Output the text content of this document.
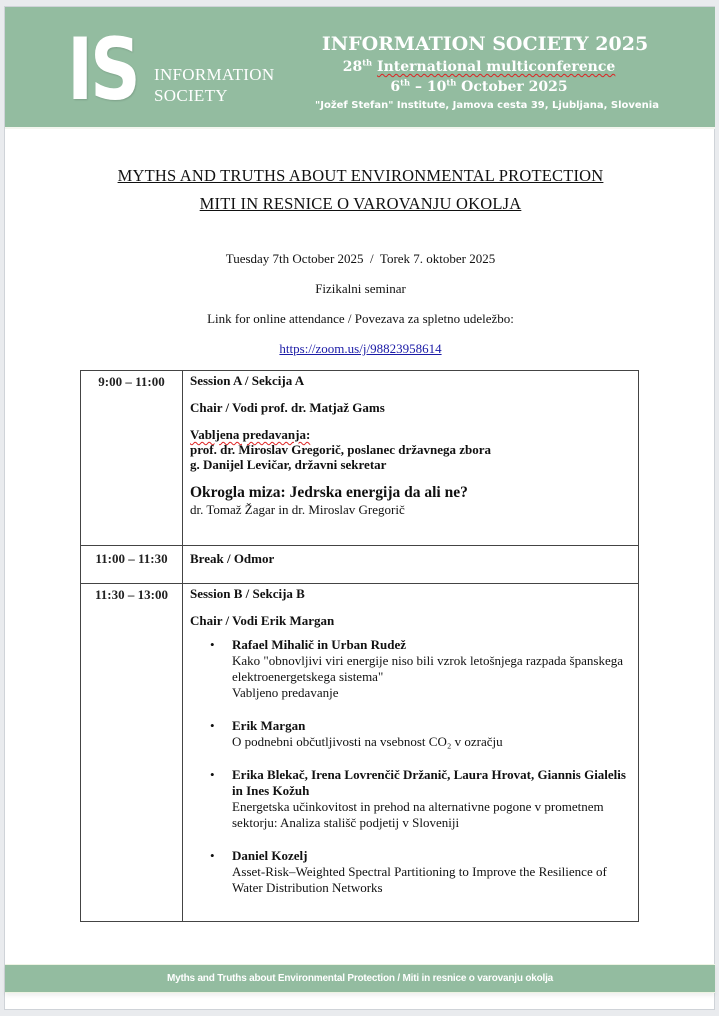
IS INFORMATION
SOCIETY
INFORMATION SOCIETY 2025
28th International multiconference
6th – 10th October 2025
"Jožef Stefan" Institute, Jamova cesta 39, Ljubljana, Slovenia
MYTHS AND TRUTHS ABOUT ENVIRONMENTAL PROTECTION
MITI IN RESNICE O VAROVANJU OKOLJA
Tuesday 7th October 2025  /  Torek 7. oktober 2025
Fizikalni seminar
Link for online attendance / Povezava za spletno udeležbo:
https://zoom.us/j/98823958614
9:00 – 11:00	Session A / Sekcija A
Chair / Vodi prof. dr. Matjaž Gams
Vabljena predavanja:
prof. dr. Miroslav Gregorič, poslanec državnega zbora
g. Danijel Levičar, državni sekretar
Okrogla miza: Jedrska energija da ali ne?
dr. Tomaž Žagar in dr. Miroslav Gregorič

11:00 – 11:30	Break / Odmor

11:30 – 13:00	Session B / Sekcija B
Chair / Vodi Erik Margan
• Rafael Mihalič in Urban Rudež
Kako "obnovljivi viri energije niso bili vzrok letošnjega razpada španskega elektroenergetskega sistema"
Vabljeno predavanje
• Erik Margan
O podnebni občutljivosti na vsebnost CO₂ v ozračju
• Erika Blekač, Irena Lovrenčič Držanič, Laura Hrovat, Giannis Gialelis in Ines Kožuh
Energetska učinkovitost in prehod na alternativne pogone v prometnem sektorju: Analiza stališč podjetij v Sloveniji
• Daniel Kozelj
Asset-Risk–Weighted Spectral Partitioning to Improve the Resilience of Water Distribution Networks
Myths and Truths about Environmental Protection / Miti in resnice o varovanju okolja
